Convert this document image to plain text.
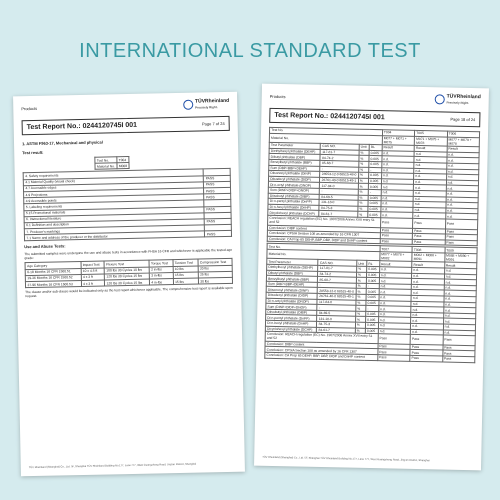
INTERNATIONAL STANDARD TEST
Products
TÜVRheinland
Precisely Right.
Test Report No.: 0244120745I 001	Page 7 of 24
1. ASTM F963-17, Mechanical and physical
Test result:
Test No.	T004
Material No.	M008
4. Safety requirements	
4.1 Material Quality (visual check)	PASS
4.7 Accessible edges	PASS
4.9 Projections	PASS
4.9 Accessible points	PASS
5. Labeling requirements	
5.15 Promotional materials	PASS
6. Instructional literature	
6.1 Definition and description	PASS
7. Producer's markings	
7.1 Name and address of the producer or the distributor	PASS
Use and Abuse Tests:
The submitted samples were undergone the use and abuse tests in accordance with FHSA 16 CFR and whichever is applicable the tested age grade:
Age Category	Impact Test	Flexure Test	Torque Test	Tension Test	Compression Test
0-18 Months 16 CFR 1500.51	10 x 4.5 ft	100 lbs 30 Cycles 10 lbs	2 in-lbs	10 lbs	20 lbs
19-36 Months 16 CFR 1500.52	4 x 3 ft	120 lbs 30 Cycles 15 lbs	3 in-lbs	15 lbs	25 lbs
37-96 Months 16 CFR 1500.53	4 x 3 ft	120 lbs 30 Cycles 15 lbs	4 in-lbs	15 lbs	30 lbs
The clause and/or sub-clause would be indicated only as the test report whichever applicable. The comprehensive test report is available upon request.
TÜV Rheinland (Shanghai) Co., Ltd. 5F, Shanghai TÜV Rheinland Building No.177, Lane 777, West Guangzhong Road, Jing'an District, Shanghai
Products	TÜVRheinland
Precisely Right.
Test Report No.: 0244120745I 001	Page 18 of 24
Test No.				T004	T005	T006
Material No.				M077 + M071 + M075	M071 + M075 + M078	M077 + M079 + M078
Test Parameter	CAS NO.	Unit	RL	Result	Result	Result
Diethylhexyl phthalate (DEHP)	117-81-7	%	0.005	n.d.	n.d.	n.d.
Dibutyl phthalate (DBP)	84-74-2	%	0.005	n.d.	n.d.	n.d.
Benzylbutyl phthalate (BBP)	85-68-7	%	0.005	n.d.	n.d.	n.d.
Sum (DBP+BBP+DEHP)	-	%	-	n.d.	n.d.	n.d.
Diisononyl phthalate (DINP)	28553-12-0 68515-48-0	%	0.005	n.d.	n.d.	n.d.
Diisodecyl phthalate (DIDP)	26761-40-0 68515-49-1	%	0.005	n.d.	n.d.	n.d.
Di-n-octyl phthalate (DNOP)	117-84-0	%	0.005	n.d.	n.d.	n.d.
Sum (DINP+DIDP+DNOP)	-	%	-	n.d.	n.d.	n.d.
Diisobutyl phthalate (DIBP)	84-69-5	%	0.005	n.d.	n.d.	n.d.
Di-n-pentyl phthalate (DnPP)	131-18-0	%	0.005	n.d.	n.d.	n.d.
Di-n-hexyl phthalate (DnHP)	84-75-3	%	0.005	n.d.	n.d.	n.d.
Dicyclohexyl phthalate (DCHP)	84-61-7	%	0.005	n.d.	n.d.	n.d.
Conclusion: REACH regulation (EC) No. 1907/2006 Annex XVII entry 51 and 52				Pass	Pass	Pass
Conclusion: DIBP content				Pass	Pass	Pass
Conclusion: CPSIA Section 108 as amended by 16 CFR 1307				Pass	Pass	Pass
Conclusion: CA Prop 65 DEHP, BBP, DBP, DIDP and DnHP content				Pass	Pass	Pass
Test No.				T007	T008	T009
Material No.				M077 + M078 + M082	M082 + M086 + M091	M088 + M090 + M091
Test Parameter	CAS NO.	Unit	RL	Result	Result	Result
Diethylhexyl phthalate (DEHP)	117-81-7	%	0.005	n.d.	n.d.	n.d.
Dibutyl phthalate (DBP)	84-74-2	%	0.005	n.d.	n.d.	n.d.
Benzylbutyl phthalate (BBP)	85-68-7	%	0.005	n.d.	n.d.	n.d.
Sum (DBP+BBP+DEHP)	-	%	-	n.d.	n.d.	n.d.
Diisononyl phthalate (DINP)	28553-12-0 68515-48-0	%	0.005	n.d.	n.d.	n.d.
Diisodecyl phthalate (DIDP)	26761-40-0 68515-49-1	%	0.005	n.d.	n.d.	n.d.
Di-n-octyl phthalate (DNOP)	117-84-0	%	0.005	n.d.	n.d.	n.d.
Sum (DINP+DIDP+DNOP)	-	%	-	n.d.	n.d.	n.d.
Diisobutyl phthalate (DIBP)	84-69-5	%	0.005	n.d.	n.d.	n.d.
Di-n-pentyl phthalate (DnPP)	131-18-0	%	0.005	n.d.	n.d.	n.d.
Di-n-hexyl phthalate (DnHP)	84-75-3	%	0.005	n.d.	n.d.	n.d.
Dicyclohexyl phthalate (DCHP)	84-61-7	%	0.005	n.d.	n.d.	n.d.
Conclusion: REACH regulation (EC) No. 1907/2006 Annex XVII entry 51 and 52				Pass	Pass	Pass
Conclusion: DIBP content				Pass	Pass	Pass
Conclusion: CPSIA Section 108 as amended by 16 CFR 1307				Pass	Pass	Pass
Conclusion: CA Prop 65 DEHP, BBP, DBP, DIDP and DnHP content				Pass	Pass	Pass
TÜV Rheinland (Shanghai) Co., Ltd. 5F, Shanghai TÜV Rheinland Building No.177, Lane 777, West Guangzhong Road, Jing'an District, Shanghai
